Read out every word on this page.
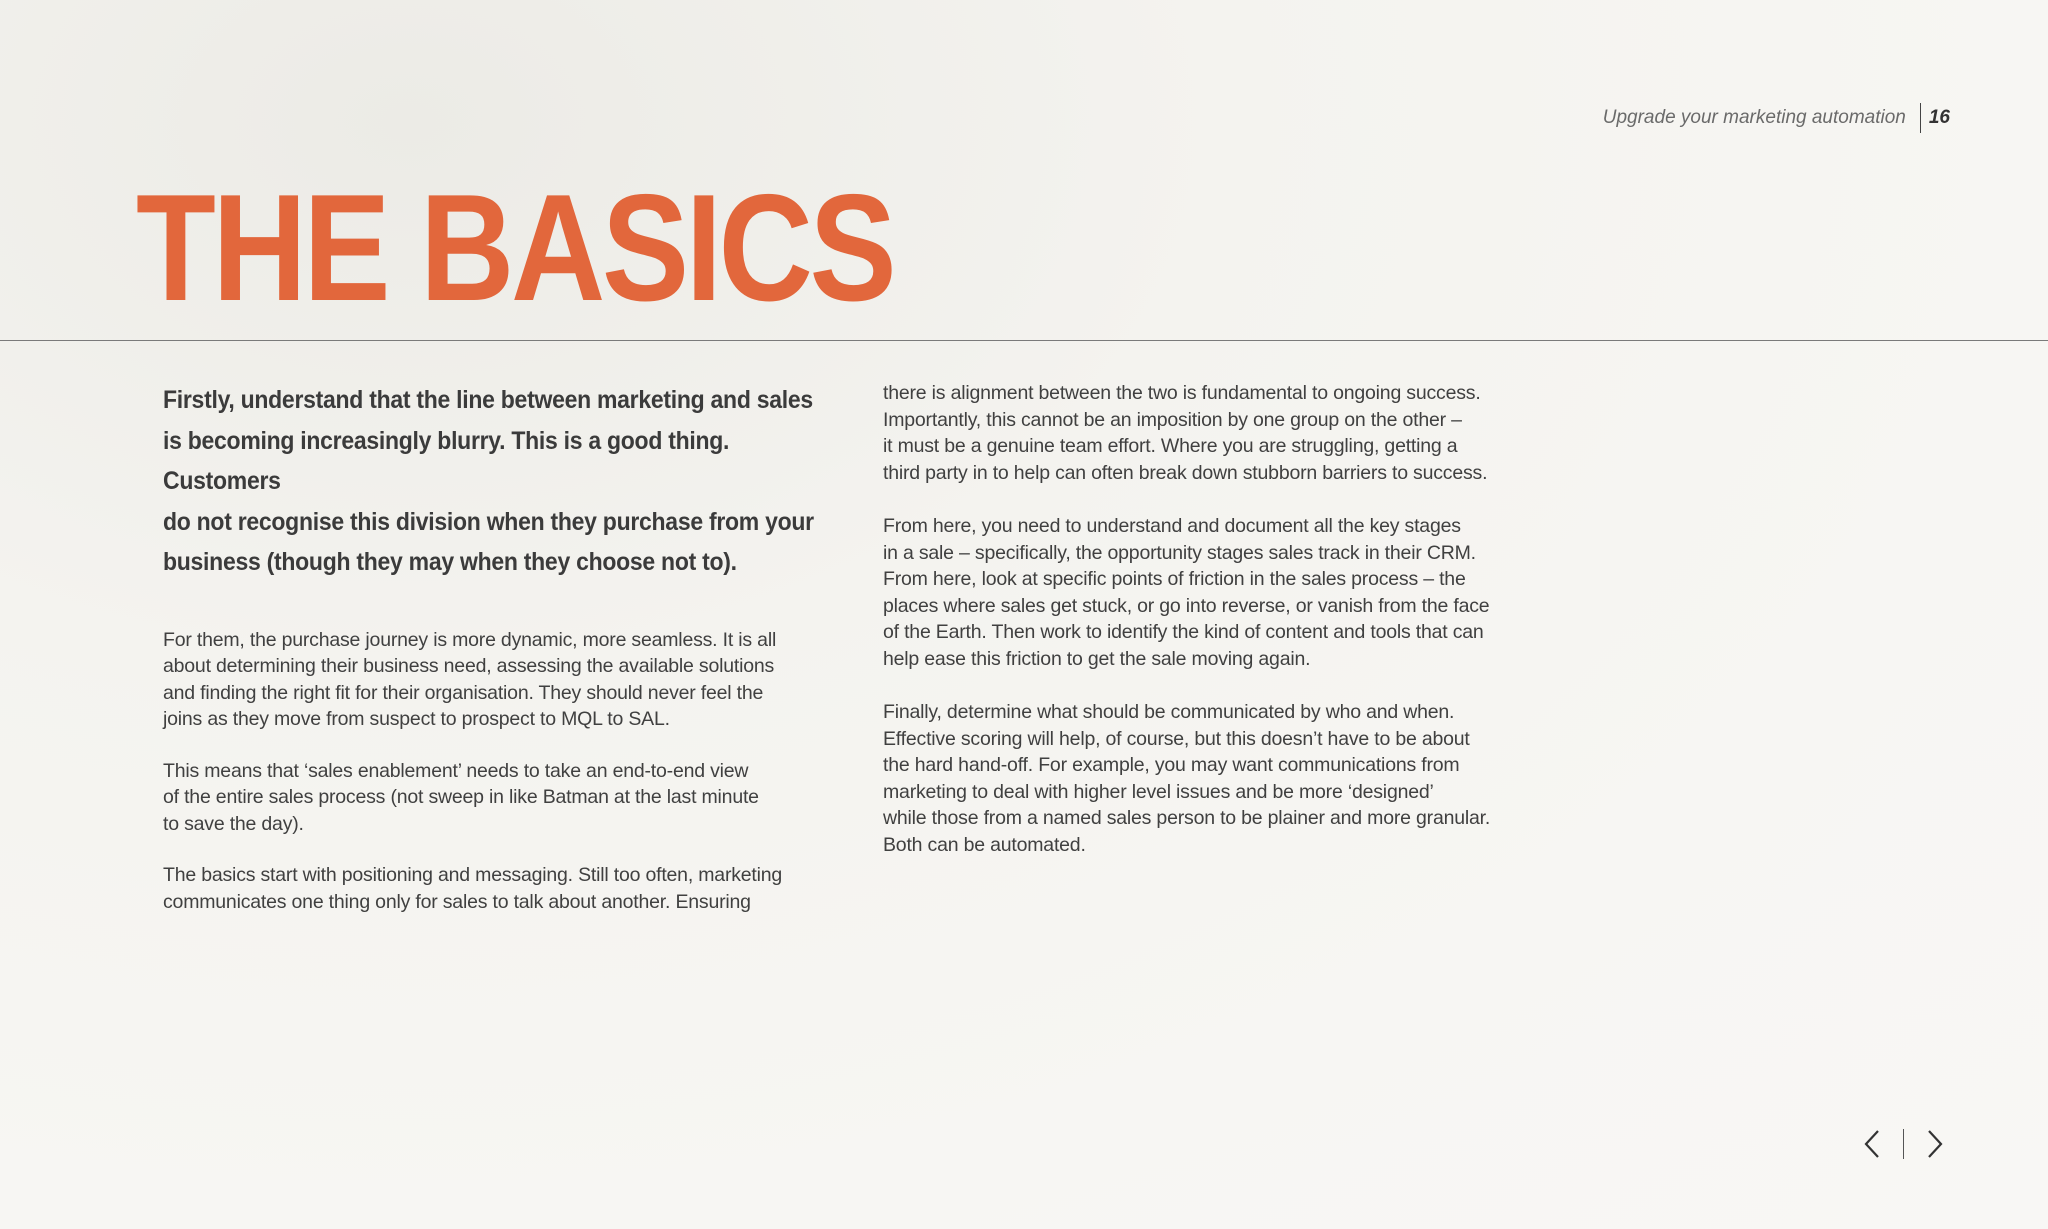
Upgrade your marketing automation	16
THE BASICS
Firstly, understand that the line between marketing and sales
is becoming increasingly blurry. This is a good thing. Customers
do not recognise this division when they purchase from your
business (though they may when they choose not to).

For them, the purchase journey is more dynamic, more seamless. It is all
about determining their business need, assessing the available solutions
and finding the right fit for their organisation. They should never feel the
joins as they move from suspect to prospect to MQL to SAL.

This means that ‘sales enablement’ needs to take an end-to-end view
of the entire sales process (not sweep in like Batman at the last minute
to save the day).

The basics start with positioning and messaging. Still too often, marketing
communicates one thing only for sales to talk about another. Ensuring

there is alignment between the two is fundamental to ongoing success.
Importantly, this cannot be an imposition by one group on the other –
it must be a genuine team effort. Where you are struggling, getting a
third party in to help can often break down stubborn barriers to success.

From here, you need to understand and document all the key stages
in a sale – specifically, the opportunity stages sales track in their CRM.
From here, look at specific points of friction in the sales process – the
places where sales get stuck, or go into reverse, or vanish from the face
of the Earth. Then work to identify the kind of content and tools that can
help ease this friction to get the sale moving again.

Finally, determine what should be communicated by who and when.
Effective scoring will help, of course, but this doesn’t have to be about
the hard hand-off. For example, you may want communications from
marketing to deal with higher level issues and be more ‘designed’
while those from a named sales person to be plainer and more granular.
Both can be automated.
